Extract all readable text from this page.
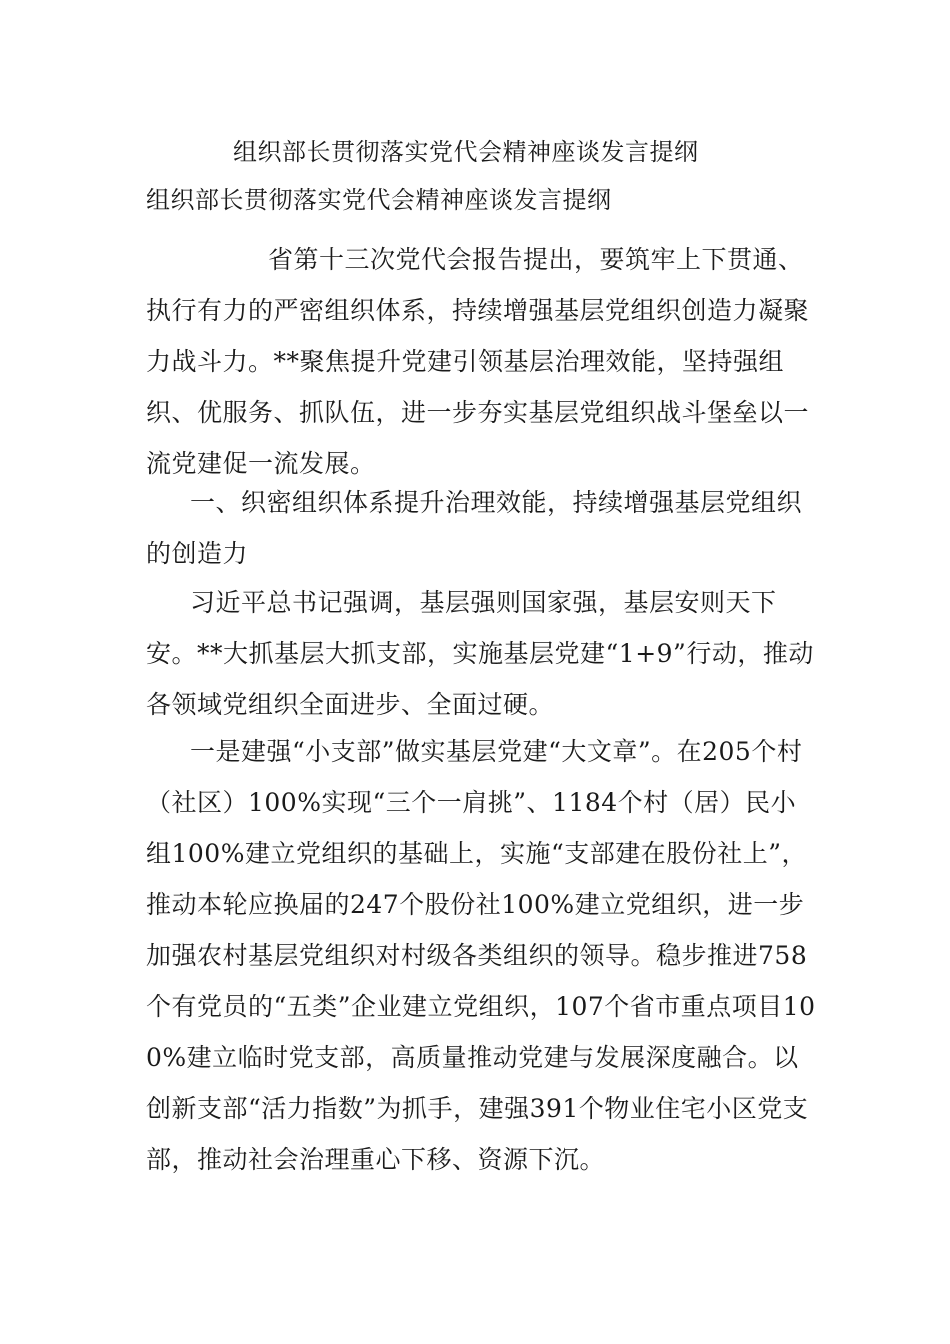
组织部长贯彻落实党代会精神座谈发言提纲
组织部长贯彻落实党代会精神座谈发言提纲

省第十三次党代会报告提出，要筑牢上下贯通、执行有力的严密组织体系，持续增强基层党组织创造力凝聚力战斗力。**聚焦提升党建引领基层治理效能，坚持强组织、优服务、抓队伍，进一步夯实基层党组织战斗堡垒以一流党建促一流发展。

一、织密组织体系提升治理效能，持续增强基层党组织的创造力

习近平总书记强调，基层强则国家强，基层安则天下安。**大抓基层大抓支部，实施基层党建“1+9”行动，推动各领域党组织全面进步、全面过硬。

一是建强“小支部”做实基层党建“大文章”。在205个村（社区）100%实现“三个一肩挑”、1184个村（居）民小组100%建立党组织的基础上，实施“支部建在股份社上”，推动本轮应换届的247个股份社100%建立党组织，进一步加强农村基层党组织对村级各类组织的领导。稳步推进758个有党员的“五类”企业建立党组织，107个省市重点项目100%建立临时党支部，高质量推动党建与发展深度融合。以创新支部“活力指数”为抓手，建强391个物业住宅小区党支部，推动社会治理重心下移、资源下沉。
